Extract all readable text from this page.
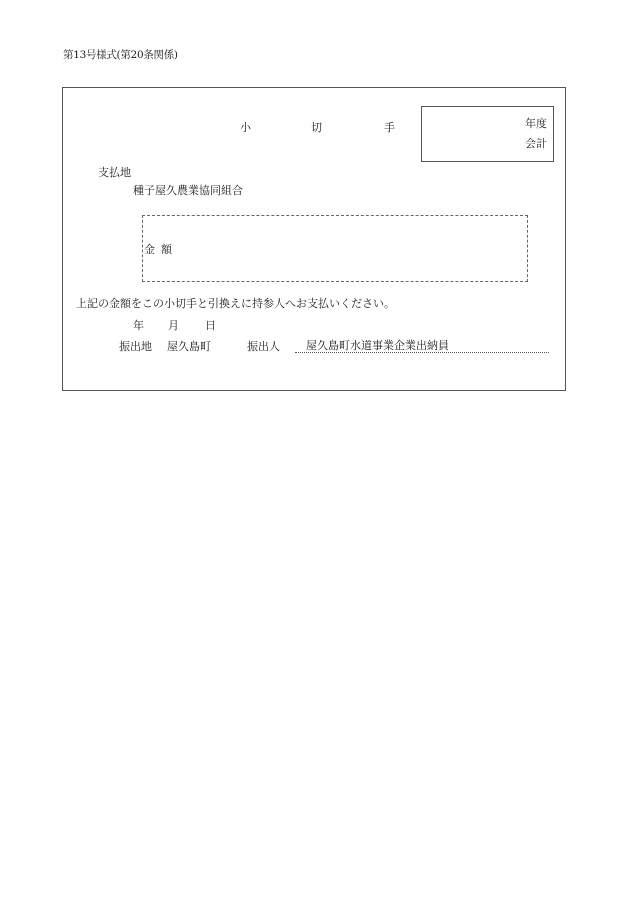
第13号様式(第20条関係)
小	切	手	年度
会計
支払地
種子屋久農業協同組合
金額
上記の金額をこの小切手と引換えに持参人へお支払いください。
年 月 日
振出地 屋久島町	振出人 屋久島町水道事業企業出納員
